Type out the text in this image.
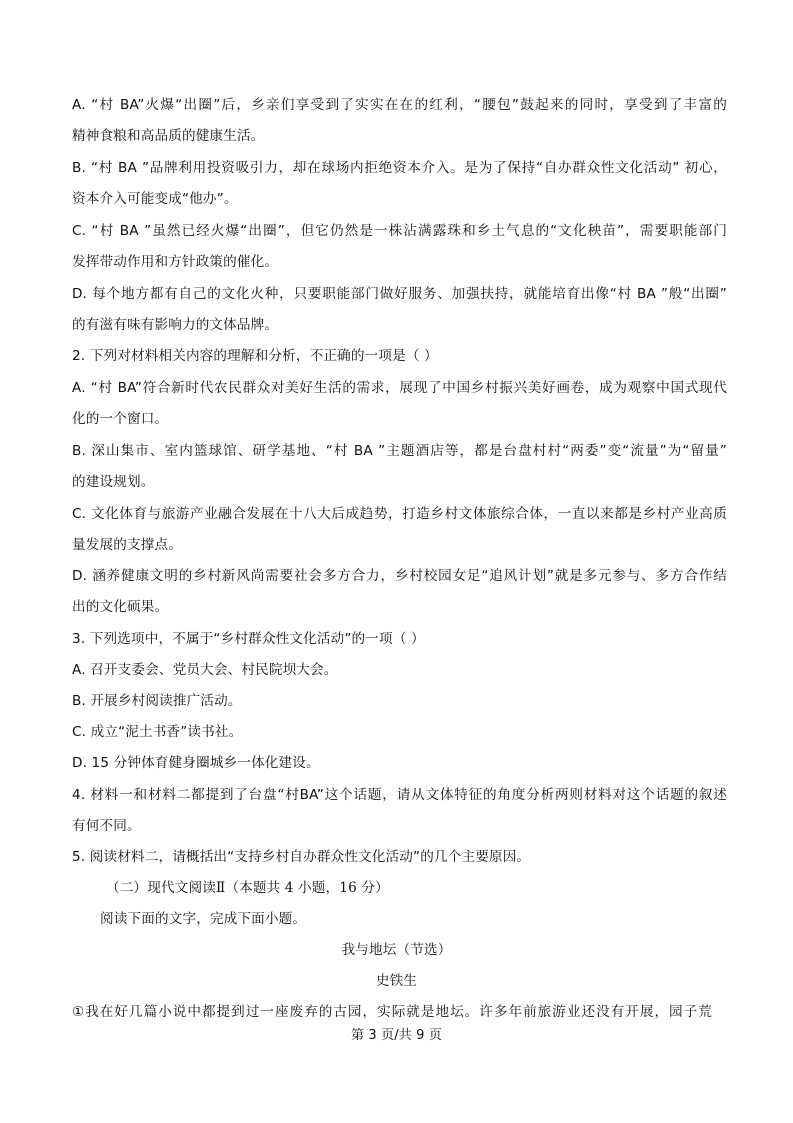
A. “村 BA”火爆“出圈”后，乡亲们享受到了实实在在的红利，“腰包”鼓起来的同时，享受到了丰富的
精神食粮和高品质的健康生活。
B. “村 BA ”品牌利用投资吸引力，却在球场内拒绝资本介入。是为了保持“自办群众性文化活动” 初心，
资本介入可能变成“他办”。
C. “村 BA ”虽然已经火爆“出圈”，但它仍然是一株沾满露珠和乡土气息的“文化秧苗”，需要职能部门
发挥带动作用和方针政策的催化。
D. 每个地方都有自己的文化火种，只要职能部门做好服务、加强扶持，就能培育出像“村 BA ”般“出圈”
的有滋有味有影响力的文体品牌。
2. 下列对材料相关内容的理解和分析，不正确的一项是（ ）
A. “村 BA”符合新时代农民群众对美好生活的需求，展现了中国乡村振兴美好画卷，成为观察中国式现代
化的一个窗口。
B. 深山集市、室内篮球馆、研学基地、“村 BA ”主题酒店等，都是台盘村村“两委”变“流量”为“留量”
的建设规划。
C. 文化体育与旅游产业融合发展在十八大后成趋势，打造乡村文体旅综合体，一直以来都是乡村产业高质
量发展的支撑点。
D. 涵养健康文明的乡村新风尚需要社会多方合力，乡村校园女足“追风计划”就是多元参与、多方合作结
出的文化硕果。
3. 下列选项中，不属于“乡村群众性文化活动”的一项（ ）
A. 召开支委会、党员大会、村民院坝大会。
B. 开展乡村阅读推广活动。
C. 成立“泥土书香”读书社。
D. 15 分钟体育健身圈城乡一体化建设。
4. 材料一和材料二都提到了台盘“村BA”这个话题，请从文体特征的角度分析两则材料对这个话题的叙述
有何不同。
5. 阅读材料二，请概括出“支持乡村自办群众性文化活动”的几个主要原因。
（二）现代文阅读Ⅱ（本题共 4 小题，16 分）
阅读下面的文字，完成下面小题。
我与地坛（节选）
史铁生
①我在好几篇小说中都提到过一座废弃的古园，实际就是地坛。许多年前旅游业还没有开展，园子荒
第 3 页/共 9 页
